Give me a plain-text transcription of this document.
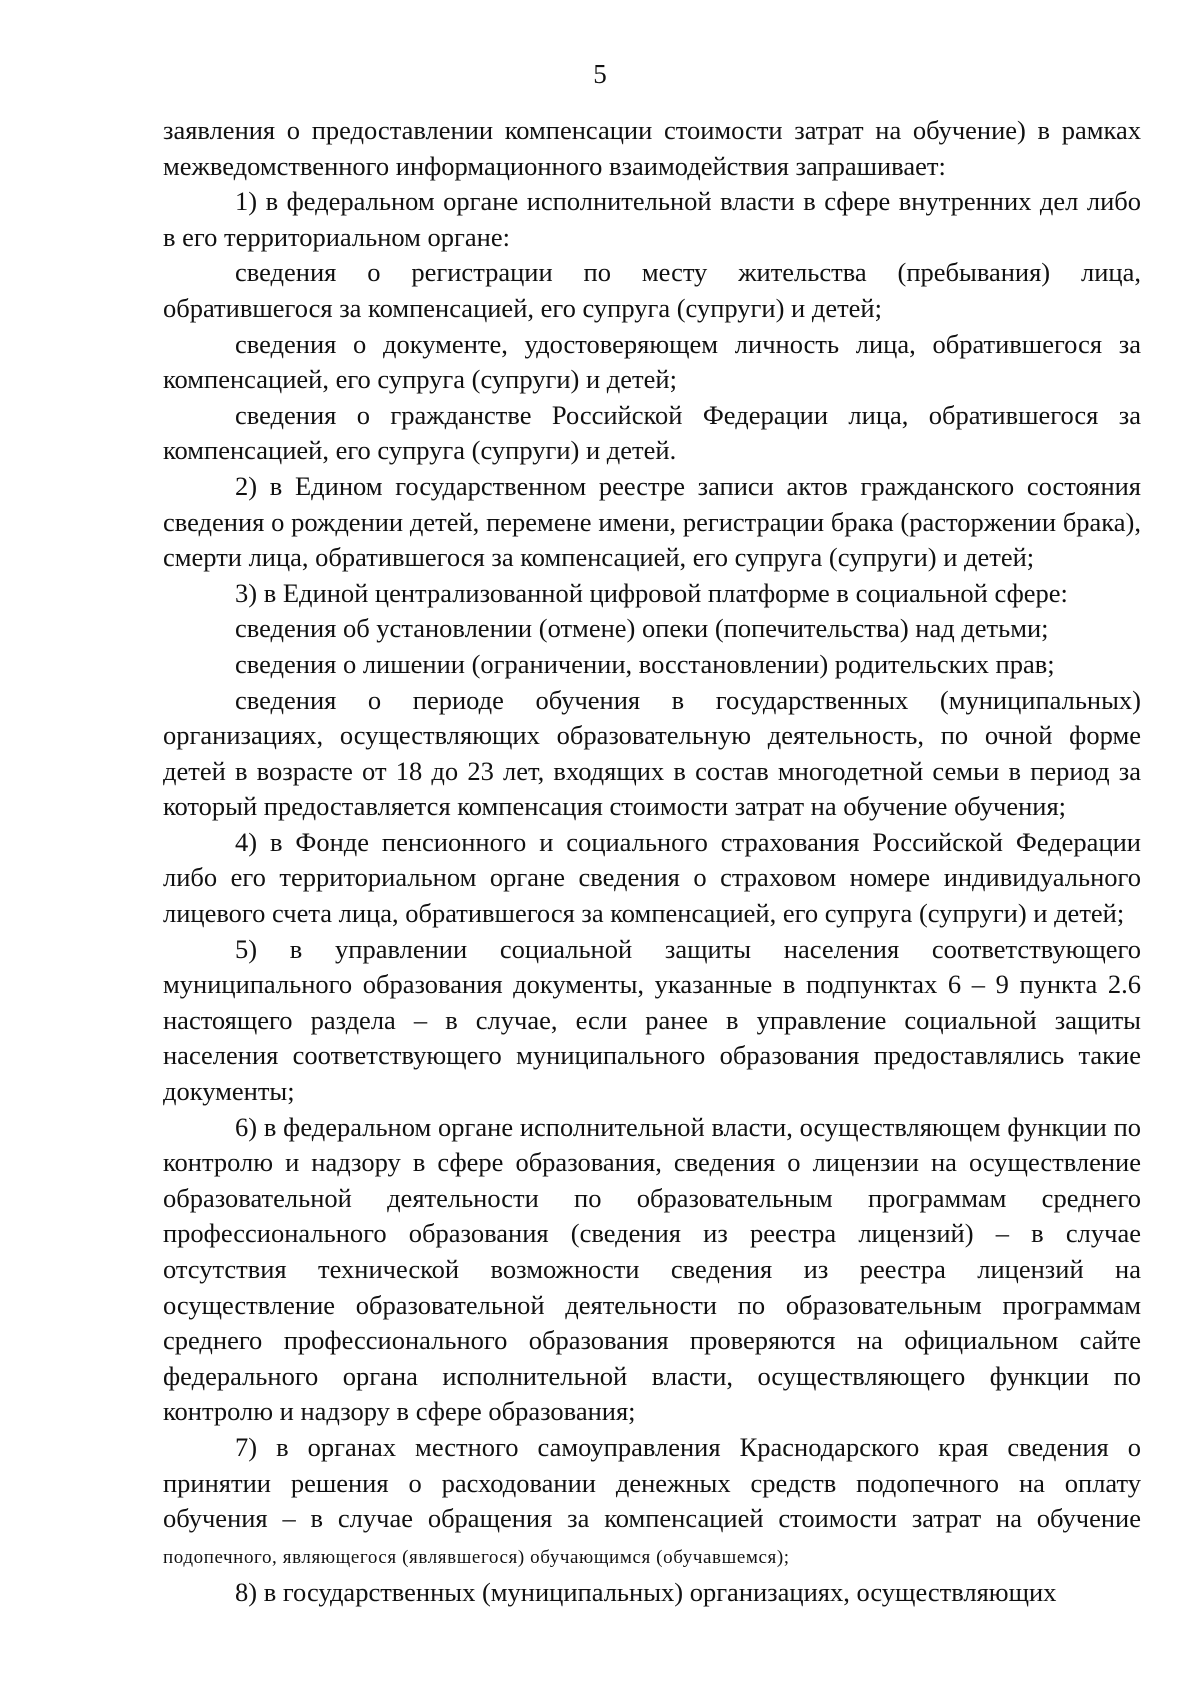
5

заявления о предоставлении компенсации стоимости затрат на обучение) в рамках межведомственного информационного взаимодействия запрашивает:

1) в федеральном органе исполнительной власти в сфере внутренних дел либо в его территориальном органе:

сведения о регистрации по месту жительства (пребывания) лица, обратившегося за компенсацией, его супруга (супруги) и детей;

сведения о документе, удостоверяющем личность лица, обратившегося за компенсацией, его супруга (супруги) и детей;

сведения о гражданстве Российской Федерации лица, обратившегося за компенсацией, его супруга (супруги) и детей.

2) в Едином государственном реестре записи актов гражданского состояния сведения о рождении детей, перемене имени, регистрации брака (расторжении брака), смерти лица, обратившегося за компенсацией, его супруга (супруги) и детей;

3) в Единой централизованной цифровой платформе в социальной сфере:

сведения об установлении (отмене) опеки (попечительства) над детьми;

сведения о лишении (ограничении, восстановлении) родительских прав;

сведения о периоде обучения в государственных (муниципальных) организациях, осуществляющих образовательную деятельность, по очной форме детей в возрасте от 18 до 23 лет, входящих в состав многодетной семьи в период за который предоставляется компенсация стоимости затрат на обучение обучения;

4) в Фонде пенсионного и социального страхования Российской Федерации либо его территориальном органе сведения о страховом номере индивидуального лицевого счета лица, обратившегося за компенсацией, его супруга (супруги) и детей;

5) в управлении социальной защиты населения соответствующего муниципального образования документы, указанные в подпунктах 6 – 9 пункта 2.6 настоящего раздела – в случае, если ранее в управление социальной защиты населения соответствующего муниципального образования предоставлялись такие документы;

6) в федеральном органе исполнительной власти, осуществляющем функции по контролю и надзору в сфере образования, сведения о лицензии на осуществление образовательной деятельности по образовательным программам среднего профессионального образования (сведения из реестра лицензий) – в случае отсутствия технической возможности сведения из реестра лицензий на осуществление образовательной деятельности по образовательным программам среднего профессионального образования проверяются на официальном сайте федерального органа исполнительной власти, осуществляющего функции по контролю и надзору в сфере образования;

7) в органах местного самоуправления Краснодарского края сведения о принятии решения о расходовании денежных средств подопечного на оплату обучения – в случае обращения за компенсацией стоимости затрат на обучение подопечного, являющегося (являвшегося) обучающимся (обучавшемся);

8) в государственных (муниципальных) организациях, осуществляющих
